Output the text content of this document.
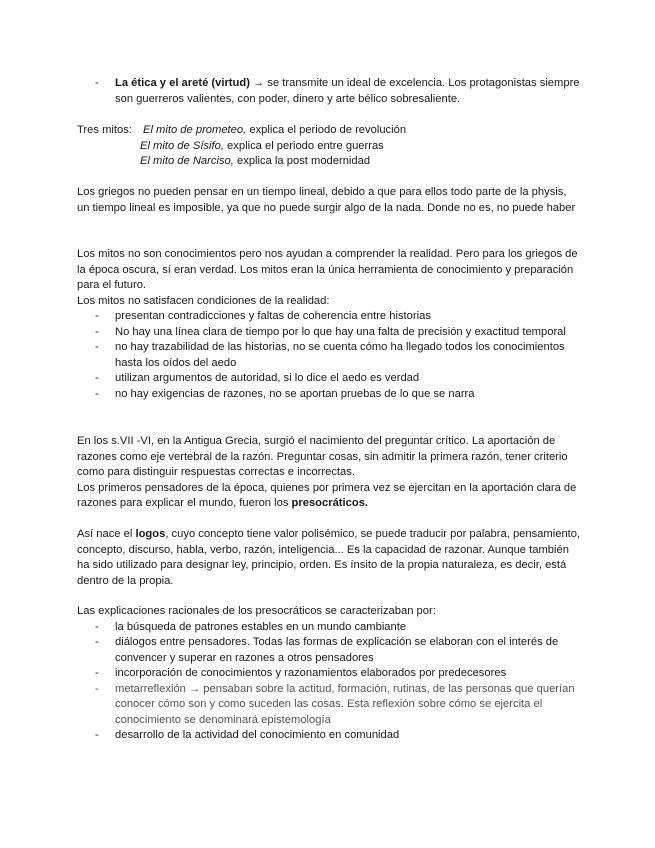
- La ética y el areté (virtud) → se transmite un ideal de excelencia. Los protagonistas siempre son guerreros valientes, con poder, dinero y arte bélico sobresaliente.
Tres mitos: El mito de prometeo, explica el periodo de revolución
El mito de Sísifo, explica el periodo entre guerras
El mito de Narciso, explica la post modernidad

Los griegos no pueden pensar en un tiempo lineal, debido a que para ellos todo parte de la physis, un tiempo lineal es imposible, ya que no puede surgir algo de la nada. Donde no es, no puede haber

Los mitos no son conocimientos pero nos ayudan a comprender la realidad. Pero para los griegos de la época oscura, sí eran verdad. Los mitos eran la única herramienta de conocimiento y preparación para el futuro.

Los mitos no satisfacen condiciones de la realidad:

- presentan contradicciones y faltas de coherencia entre historias
- No hay una línea clara de tiempo por lo que hay una falta de precisión y exactitud temporal
- no hay trazabilidad de las historias, no se cuenta cómo ha llegado todos los conocimientos hasta los oídos del aedo
- utilizan argumentos de autoridad, si lo dice el aedo es verdad
- no hay exigencias de razones, no se aportan pruebas de lo que se narra

En los s.VII -VI, en la Antigua Grecia, surgió el nacimiento del preguntar crítico. La aportación de razones como eje vertebral de la razón. Preguntar cosas, sin admitir la primera razón, tener criterio como para distinguir respuestas correctas e incorrectas.

Los primeros pensadores de la época, quienes por primera vez se ejercitan en la aportación clara de razones para explicar el mundo, fueron los presocráticos.

Así nace el logos, cuyo concepto tiene valor polisémico, se puede traducir por palabra, pensamiento, concepto, discurso, habla, verbo, razón, inteligencia... Es la capacidad de razonar. Aunque también ha sido utilizado para designar ley, principio, orden. Es ínsito de la propia naturaleza, es decir, está dentro de la propia.

Las explicaciones racionales de los presocráticos se caracterizaban por:

- la búsqueda de patrones estables en un mundo cambiante
- diálogos entre pensadores. Todas las formas de explicación se elaboran con el interés de convencer y superar en razones a otros pensadores
- incorporación de conocimientos y razonamientos elaborados por predecesores
- metarreflexión → pensaban sobre la actitud, formación, rutinas, de las personas que querían conocer cómo son y como suceden las cosas. Esta reflexión sobre cómo se ejercita el conocimiento se denominará epistemología
- desarrollo de la actividad del conocimiento en comunidad
